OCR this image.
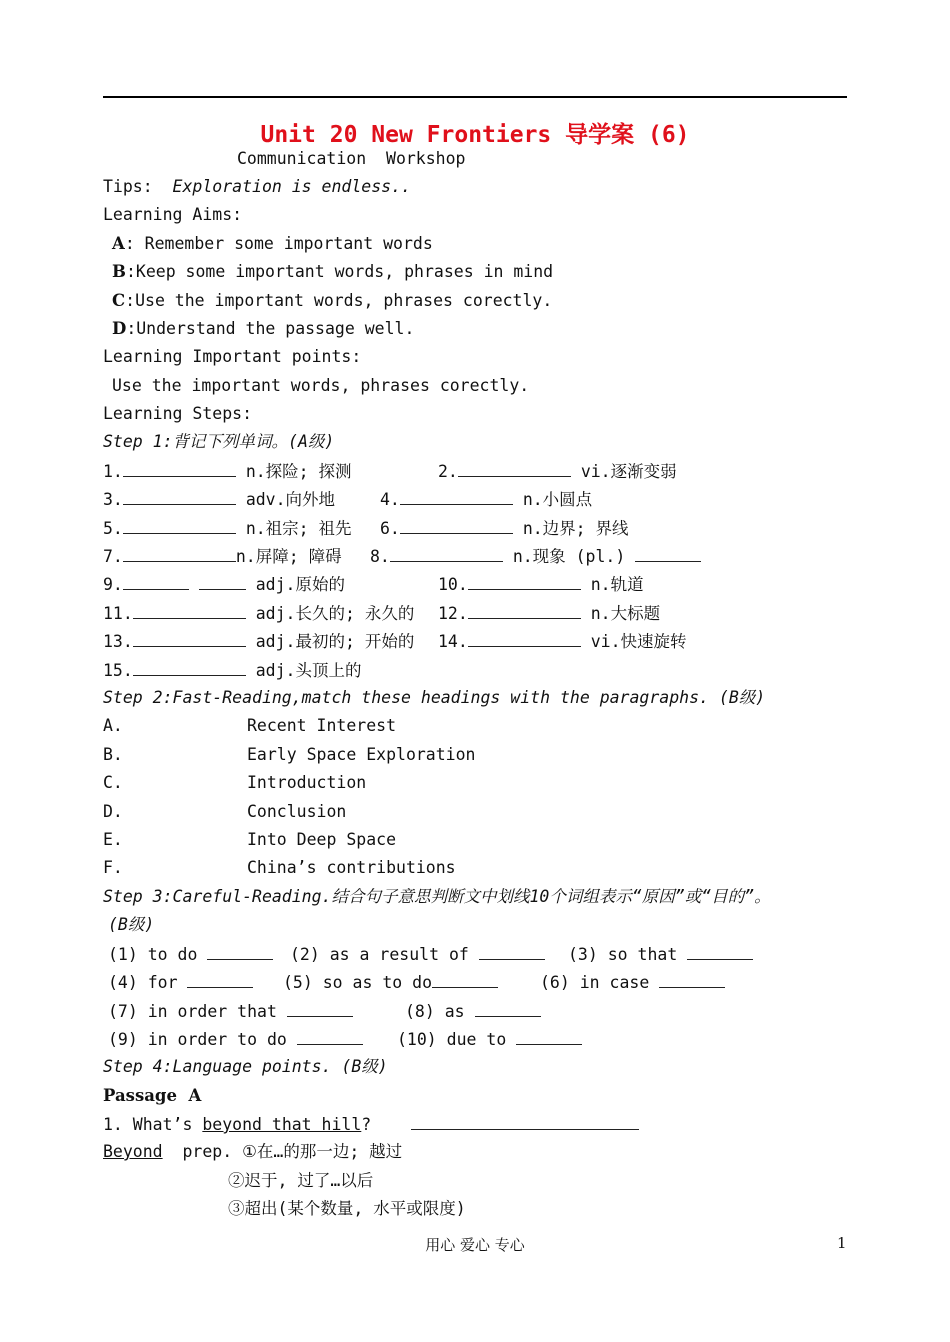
Unit 20 New Frontiers 导学案 (6)
Communication  Workshop
Tips: Exploration is endless..
Learning Aims:
A: Remember some important words
B:Keep some important words, phrases in mind
C:Use the important words, phrases corectly.
D:Understand the passage well.
Learning Important points:
Use the important words, phrases corectly.
Learning Steps:
Step 1:背记下列单词。(A级)
1.	n.探险; 探测	2.	vi.逐渐变弱
3.	adv.向外地	4.	n.小圆点
5.	n.祖宗; 祖先 6.	n.边界; 界线
7.	n.屏障; 障碍 8.	n.现象 (pl.)
9.	adj.原始的	10.	n.轨道
11.	adj.长久的; 永久的 12.	n.大标题
13.	adj.最初的; 开始的 14.	vi.快速旋转
15.	adj.头顶上的
Step 2:Fast-Reading,match these headings with the paragraphs. (B级)
A.	Recent Interest
B.	Early Space Exploration
C.	Introduction
D.	Conclusion
E.	Into Deep Space
F.	China’s contributions
Step 3:Careful-Reading.结合句子意思判断文中划线10个词组表示“原因”或“目的”。
(B级)
(1) to do	(2) as a result of	(3) so that
(4) for	(5) so as to do	(6) in case
(7) in order that	(8) as
(9) in order to do	(10) due to
Step 4:Language points. (B级)
Passage  A
1. What’s beyond that hill?
Beyond prep. ①在…的那一边; 越过
②迟于, 过了…以后
③超出(某个数量, 水平或限度)
用心 爱心 专心	1
